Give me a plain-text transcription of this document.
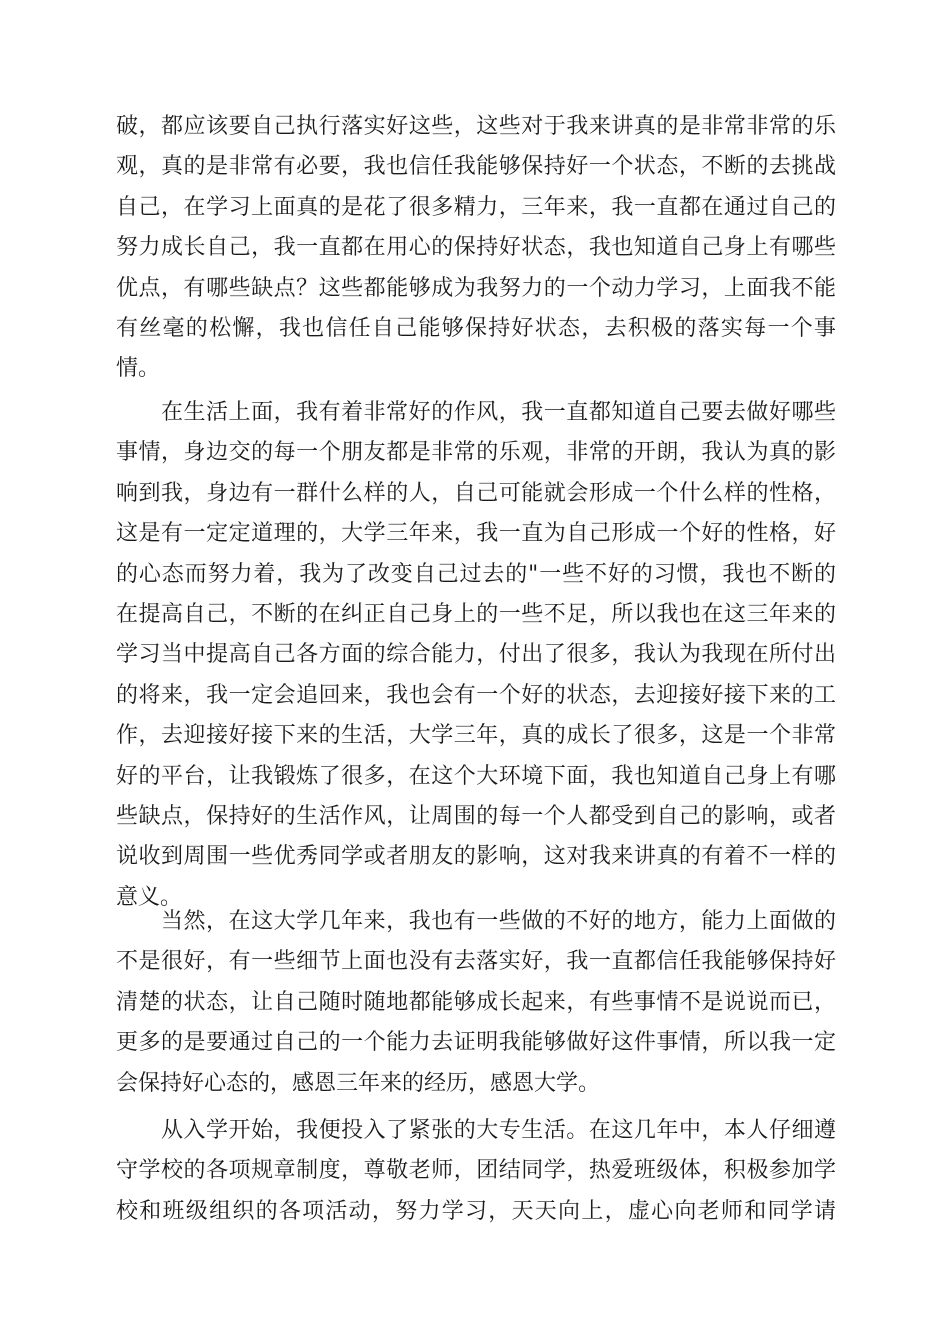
破，都应该要自己执行落实好这些，这些对于我来讲真的是非常非常的乐
观，真的是非常有必要，我也信任我能够保持好一个状态，不断的去挑战
自己，在学习上面真的是花了很多精力，三年来，我一直都在通过自己的
努力成长自己，我一直都在用心的保持好状态，我也知道自己身上有哪些
优点，有哪些缺点？这些都能够成为我努力的一个动力学习，上面我不能
有丝毫的松懈，我也信任自己能够保持好状态，去积极的落实每一个事
情。
在生活上面，我有着非常好的作风，我一直都知道自己要去做好哪些
事情，身边交的每一个朋友都是非常的乐观，非常的开朗，我认为真的影
响到我，身边有一群什么样的人，自己可能就会形成一个什么样的性格，
这是有一定定道理的，大学三年来，我一直为自己形成一个好的性格，好
的心态而努力着，我为了改变自己过去的"一些不好的习惯，我也不断的
在提高自己，不断的在纠正自己身上的一些不足，所以我也在这三年来的
学习当中提高自己各方面的综合能力，付出了很多，我认为我现在所付出
的将来，我一定会追回来，我也会有一个好的状态，去迎接好接下来的工
作，去迎接好接下来的生活，大学三年，真的成长了很多，这是一个非常
好的平台，让我锻炼了很多，在这个大环境下面，我也知道自己身上有哪
些缺点，保持好的生活作风，让周围的每一个人都受到自己的影响，或者
说收到周围一些优秀同学或者朋友的影响，这对我来讲真的有着不一样的
意义。
当然，在这大学几年来，我也有一些做的不好的地方，能力上面做的
不是很好，有一些细节上面也没有去落实好，我一直都信任我能够保持好
清楚的状态，让自己随时随地都能够成长起来，有些事情不是说说而已，
更多的是要通过自己的一个能力去证明我能够做好这件事情，所以我一定
会保持好心态的，感恩三年来的经历，感恩大学。
从入学开始，我便投入了紧张的大专生活。在这几年中，本人仔细遵
守学校的各项规章制度，尊敬老师，团结同学，热爱班级体，积极参加学
校和班级组织的各项活动，努力学习，天天向上，虚心向老师和同学请
